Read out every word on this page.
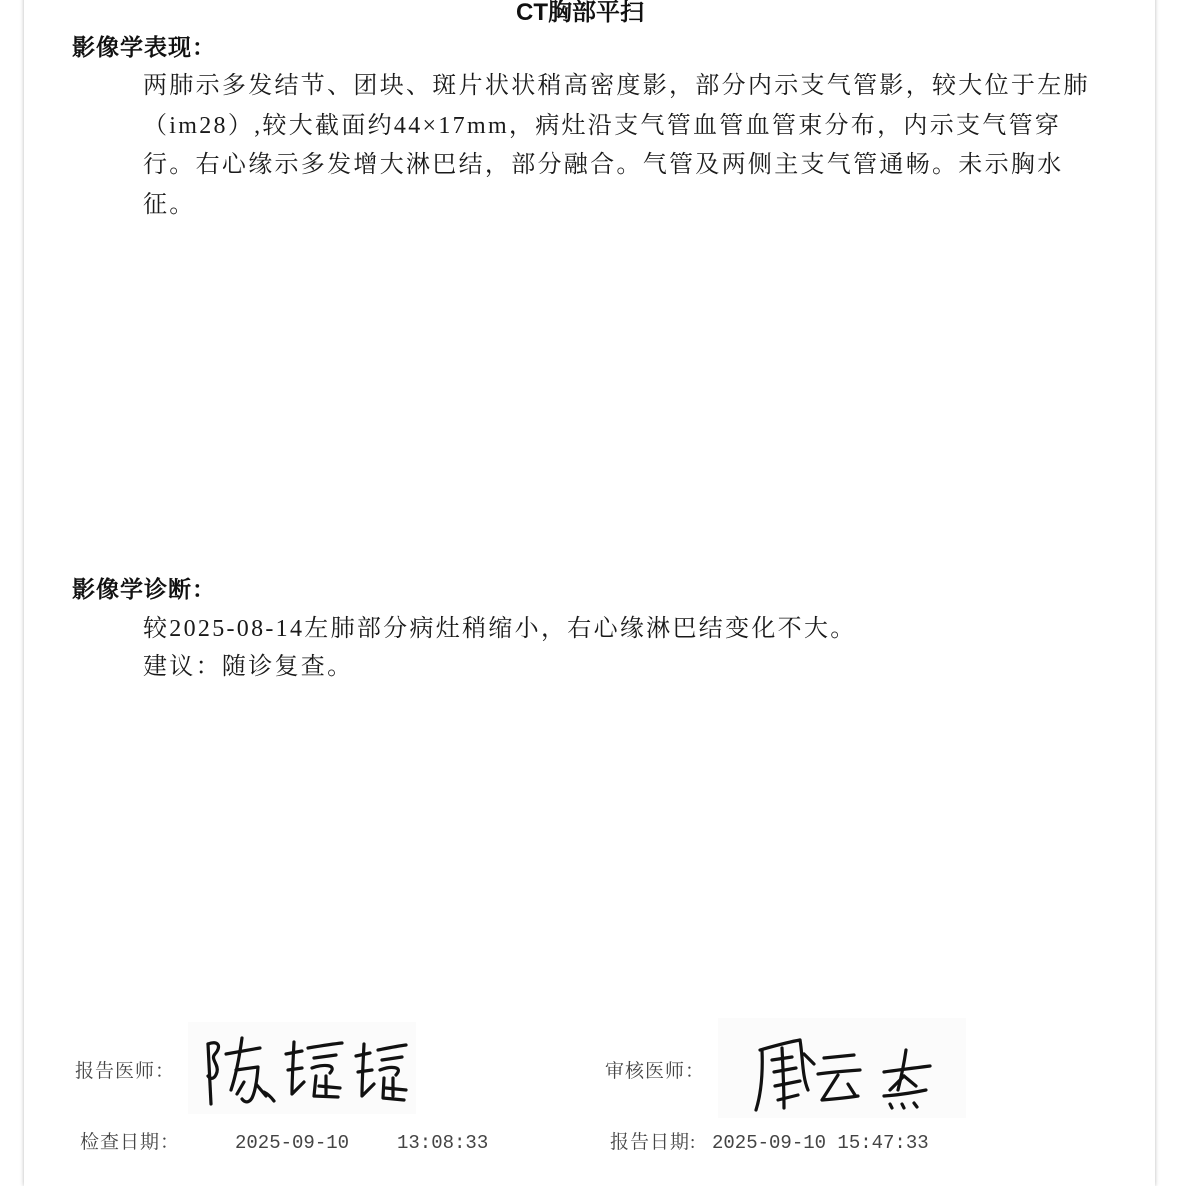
CT胸部平扫
影像学表现：
两肺示多发结节、团块、斑片状状稍高密度影，部分内示支气管影，较大位于左肺
（im28）,较大截面约44×17mm，病灶沿支气管血管血管束分布，内示支气管穿
行。右心缘示多发增大淋巴结，部分融合。气管及两侧主支气管通畅。未示胸水
征。
影像学诊断：
较2025-08-14左肺部分病灶稍缩小，右心缘淋巴结变化不大。
建议：随诊复查。
报告医师：	审核医师：
检查日期：	2025-09-10	13:08:33	报告日期: 2025-09-10 15:47:33
